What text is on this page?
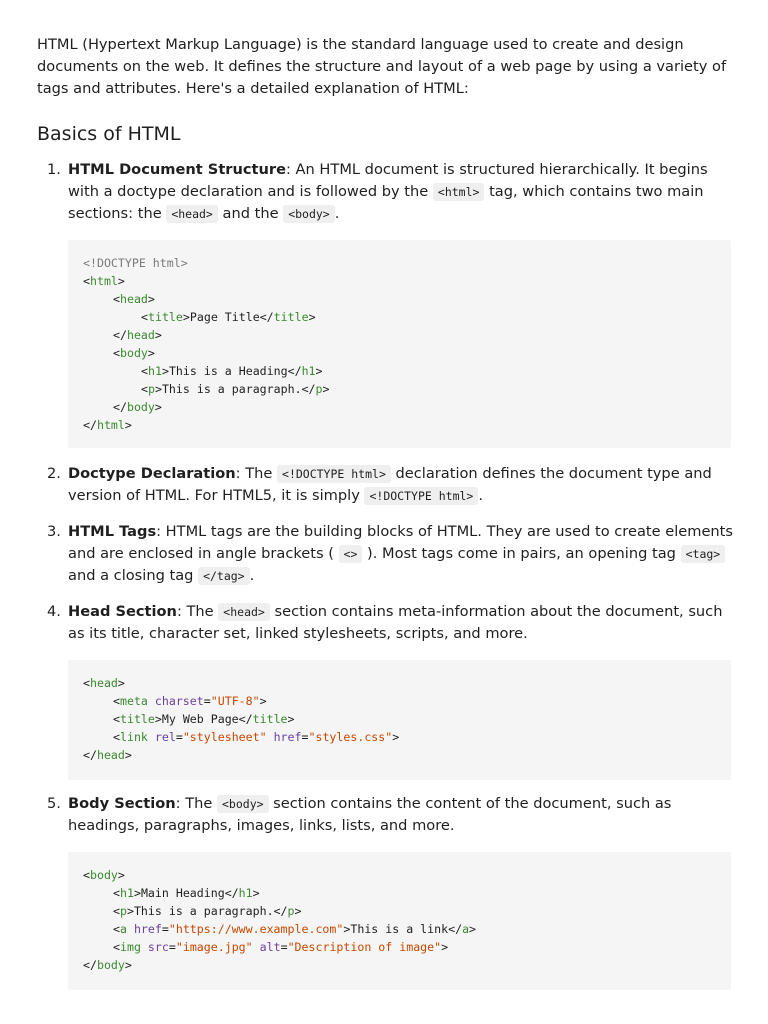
HTML (Hypertext Markup Language) is the standard language used to create and design documents on the web. It defines the structure and layout of a web page by using a variety of tags and attributes. Here's a detailed explanation of HTML:

Basics of HTML
1. HTML Document Structure: An HTML document is structured hierarchically. It begins with a doctype declaration and is followed by the <html> tag, which contains two main sections: the <head> and the <body> .
<!DOCTYPE html>
<html>
<head>
<title>Page Title</title>
</head>
<body>
<h1>This is a Heading</h1>
<p>This is a paragraph.</p>
</body>
</html>
2. Doctype Declaration: The <!DOCTYPE html> declaration defines the document type and version of HTML. For HTML5, it is simply <!DOCTYPE html> .
3. HTML Tags: HTML tags are the building blocks of HTML. They are used to create elements and are enclosed in angle brackets ( <> ). Most tags come in pairs, an opening tag <tag> and a closing tag </tag> .
4. Head Section: The <head> section contains meta-information about the document, such as its title, character set, linked stylesheets, scripts, and more.
<head>
<meta charset="UTF-8">
<title>My Web Page</title>
<link rel="stylesheet" href="styles.css">
</head>
5. Body Section: The <body> section contains the content of the document, such as headings, paragraphs, images, links, lists, and more.
<body>
<h1>Main Heading</h1>
<p>This is a paragraph.</p>
<a href="https://www.example.com">This is a link</a>
<img src="image.jpg" alt="Description of image">
</body>
